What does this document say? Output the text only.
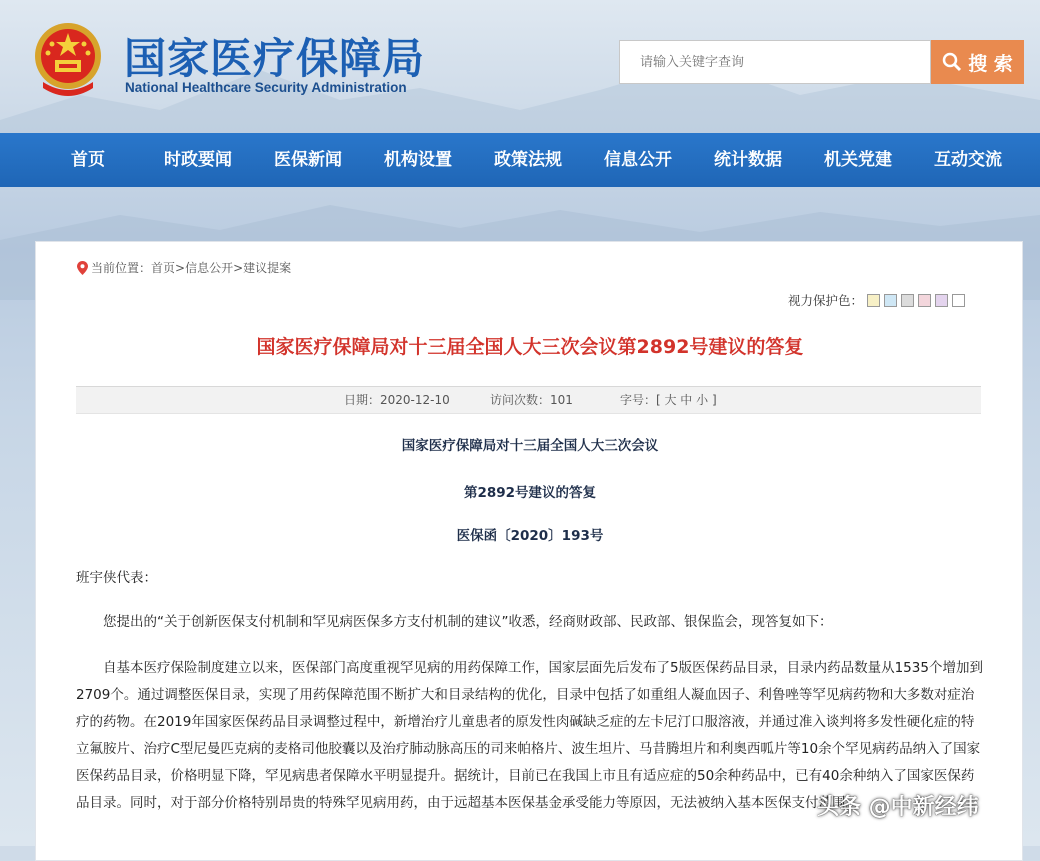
国家医疗保障局
National Healthcare Security Administration
请输入关键字查询
搜 索
首页	时政要闻	医保新闻	机构设置	政策法规	信息公开	统计数据	机关党建	互动交流
当前位置： 首页 > 信息公开 > 建议提案
视力保护色：
国家医疗保障局对十三届全国人大三次会议第2892号建议的答复
日期：2020-12-10	访问次数：101	字号：[ 大 中 小 ]
国家医疗保障局对十三届全国人大三次会议
第2892号建议的答复
医保函〔2020〕193号
班宇侠代表：
您提出的“关于创新医保支付机制和罕见病医保多方支付机制的建议”收悉，经商财政部、民政部、银保监会，现答复如下：
自基本医疗保险制度建立以来，医保部门高度重视罕见病的用药保障工作，国家层面先后发布了5版医保药品目录，目录内药品数量从1535个增加到2709个。通过调整医保目录，实现了用药保障范围不断扩大和目录结构的优化，目录中包括了如重组人凝血因子、利鲁唑等罕见病药物和大多数对症治疗的药物。在2019年国家医保药品目录调整过程中，新增治疗儿童患者的原发性肉碱缺乏症的左卡尼汀口服溶液，并通过准入谈判将多发性硬化症的特立氟胺片、治疗C型尼曼匹克病的麦格司他胶囊以及治疗肺动脉高压的司来帕格片、波生坦片、马昔腾坦片和利奥西呱片等10余个罕见病药品纳入了国家医保药品目录，价格明显下降，罕见病患者保障水平明显提升。据统计，目前已在我国上市且有适应症的50余种药品中，已有40余种纳入了国家医保药品目录。同时，对于部分价格特别昂贵的特殊罕见病用药，由于远超基本医保基金承受能力等原因，无法被纳入基本医保支付范围。
头条 @中新经纬
